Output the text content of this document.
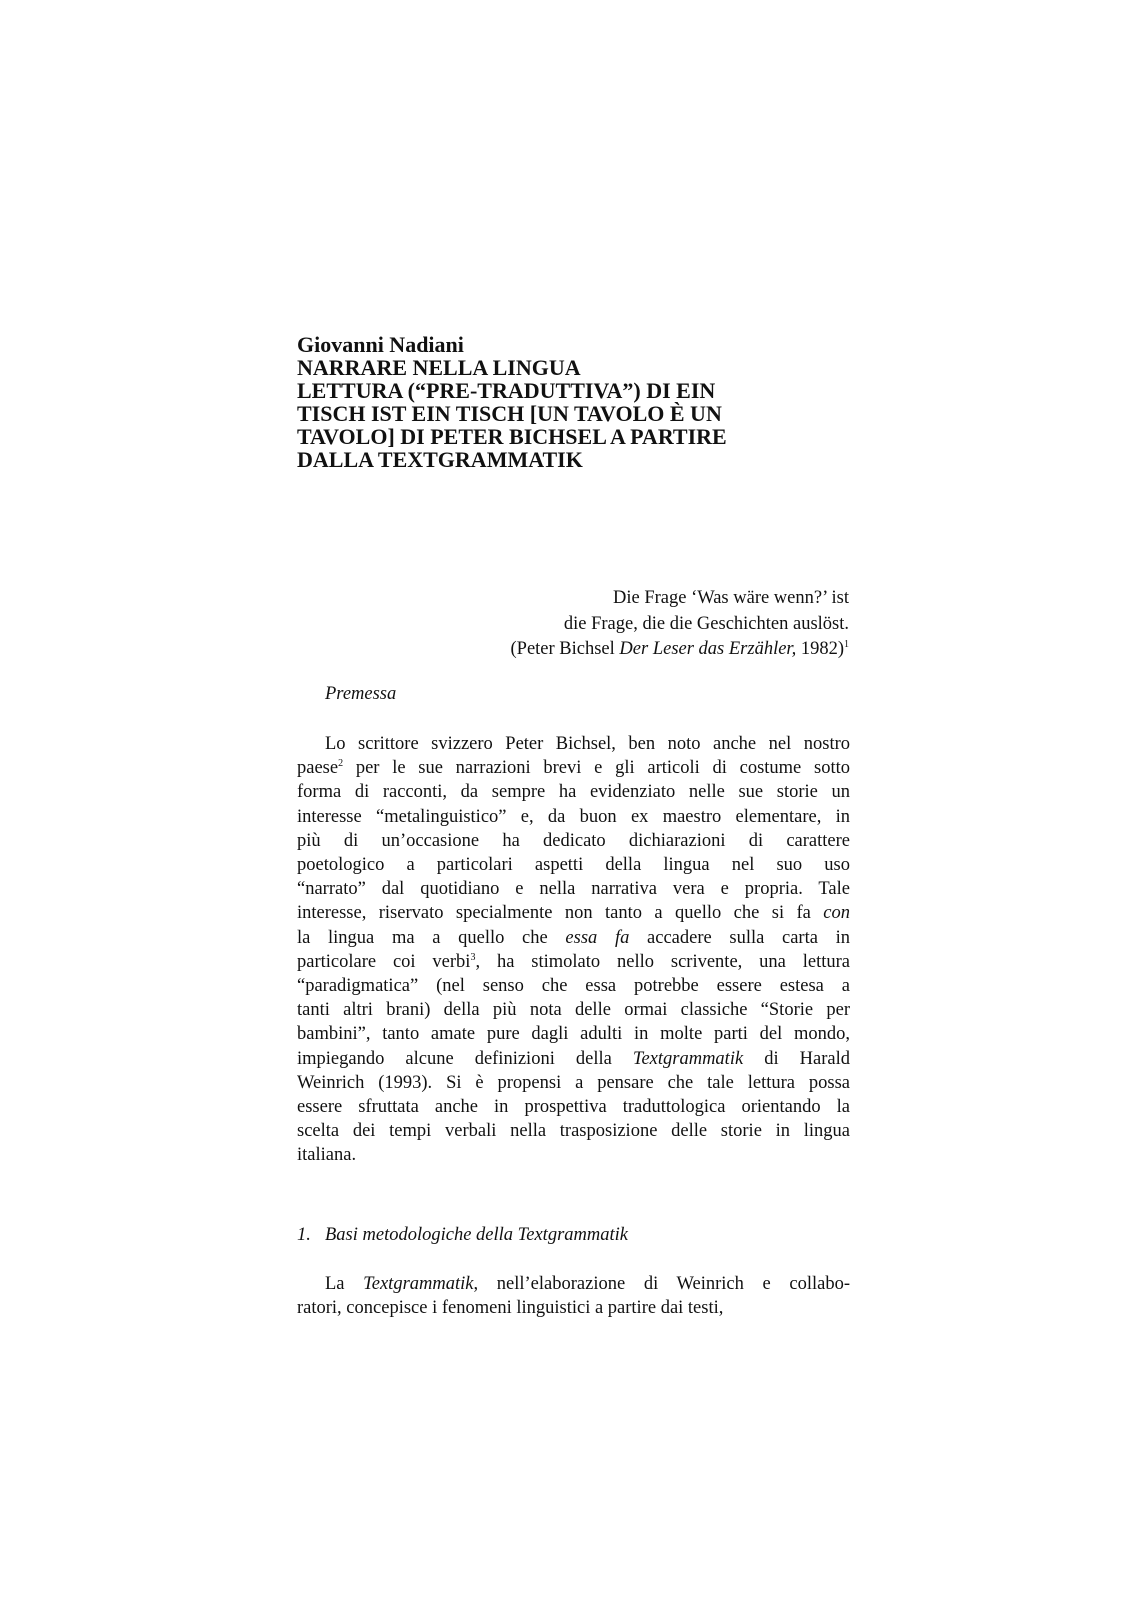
Giovanni Nadiani
NARRARE NELLA LINGUA
LETTURA (“PRE-TRADUTTIVA”) DI EIN
TISCH IST EIN TISCH [UN TAVOLO È UN
TAVOLO] DI PETER BICHSEL A PARTIRE
DALLA TEXTGRAMMATIK
Die Frage ‘Was wäre wenn?’ ist
die Frage, die die Geschichten auslöst.
(Peter Bichsel Der Leser das Erzähler, 1982)$^1$
Premessa
Lo scrittore svizzero Peter Bichsel, ben noto anche nel nostro
paese$^2$ per le sue narrazioni brevi e gli articoli di costume sotto
forma di racconti, da sempre ha evidenziato nelle sue storie un
interesse “metalinguistico” e, da buon ex maestro elementare, in
più di un’occasione ha dedicato dichiarazioni di carattere
poetologico a particolari aspetti della lingua nel suo uso
“narrato” dal quotidiano e nella narrativa vera e propria. Tale
interesse, riservato specialmente non tanto a quello che si fa con
la lingua ma a quello che essa fa accadere sulla carta in
particolare coi verbi$^3$, ha stimolato nello scrivente, una lettura
“paradigmatica” (nel senso che essa potrebbe essere estesa a
tanti altri brani) della più nota delle ormai classiche “Storie per
bambini”, tanto amate pure dagli adulti in molte parti del mondo,
impiegando alcune definizioni della Textgrammatik di Harald
Weinrich (1993). Si è propensi a pensare che tale lettura possa
essere sfruttata anche in prospettiva traduttologica orientando la
scelta dei tempi verbali nella trasposizione delle storie in lingua
italiana.
1. Basi metodologiche della Textgrammatik
La Textgrammatik, nell’elaborazione di Weinrich e collabo-
ratori, concepisce i fenomeni linguistici a partire dai testi,
